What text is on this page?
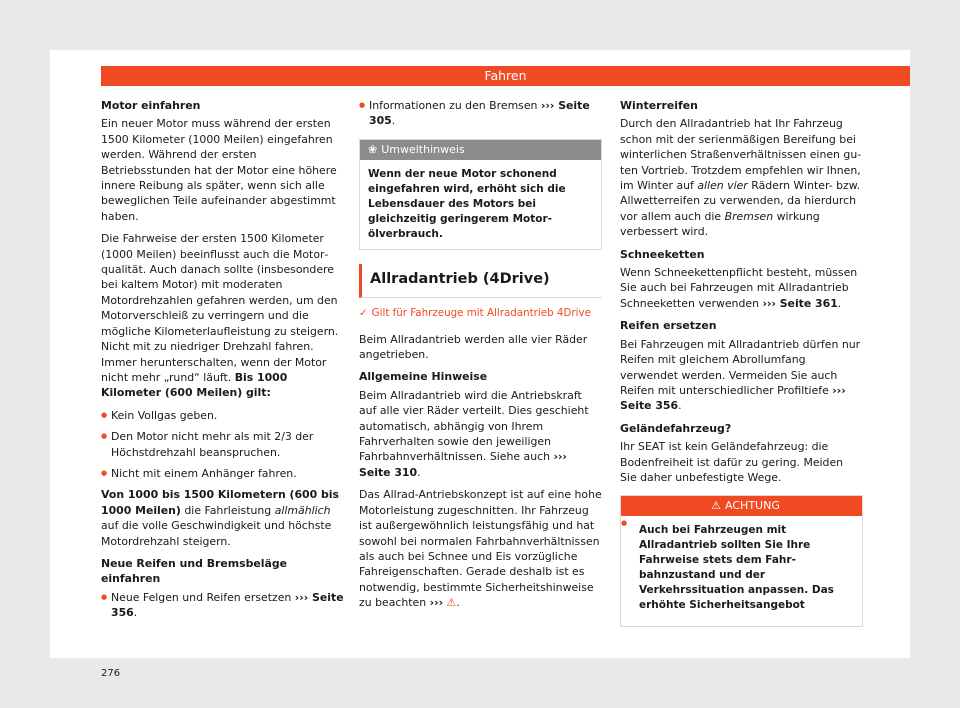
Fahren

Motor einfahren

Ein neuer Motor muss während der ersten 1500 Kilometer (1000 Meilen) eingefahren werden. Während der ersten Betriebsstunden hat der Motor eine höhere innere Reibung als später, wenn sich alle beweglichen Teile aufeinander abgestimmt haben.

Die Fahrweise der ersten 1500 Kilometer (1000 Meilen) beeinflusst auch die Motorqualität. Auch danach sollte (insbesondere bei kaltem Motor) mit moderaten Motordrehzahlen gefahren werden, um den Motorverschleiß zu verringern und die mögliche Kilometerlaufleistung zu steigern. Nicht mit zu niedriger Drehzahl fahren. Immer herunterschalten, wenn der Motor nicht mehr „rund“ läuft. Bis 1000 Kilometer (600 Meilen) gilt:

● Kein Vollgas geben.
● Den Motor nicht mehr als mit 2/3 der Höchstdrehzahl beanspruchen.
● Nicht mit einem Anhänger fahren.

Von 1000 bis 1500 Kilometern (600 bis 1000 Meilen) die Fahrleistung allmählich auf die volle Geschwindigkeit und höchste Motordrehzahl steigern.

Neue Reifen und Bremsbeläge einfahren

● Neue Felgen und Reifen ersetzen ››› Seite 356.
276
● Informationen zu den Bremsen ››› Seite 305.
❀ Umwelthinweis
Wenn der neue Motor schonend eingefahren wird, erhöht sich die Lebensdauer des Motors bei gleichzeitig geringerem Motorölverbrauch.
Allradantrieb (4Drive)
✓ Gilt für Fahrzeuge mit Allradantrieb 4Drive

Beim Allradantrieb werden alle vier Räder angetrieben.

Allgemeine Hinweise

Beim Allradantrieb wird die Antriebskraft auf alle vier Räder verteilt. Dies geschieht automatisch, abhängig von Ihrem Fahrverhalten sowie den jeweiligen Fahrbahnverhältnissen. Siehe auch ››› Seite 310.

Das Allrad-Antriebskonzept ist auf eine hohe Motorleistung zugeschnitten. Ihr Fahrzeug ist außergewöhnlich leistungsfähig und hat sowohl bei normalen Fahrbahnverhältnissen als auch bei Schnee und Eis vorzügliche Fahreigenschaften. Gerade deshalb ist es notwendig, bestimmte Sicherheitshinweise zu beachten ››› ⚠.

Winterreifen

Durch den Allradantrieb hat Ihr Fahrzeug schon mit der serienmäßigen Bereifung bei winterlichen Straßenverhältnissen einen guten Vortrieb. Trotzdem empfehlen wir Ihnen, im Winter auf allen vier Rädern Winter- bzw. Allwetterreifen zu verwenden, da hierdurch vor allem auch die Bremsen wirkung verbessert wird.

Schneeketten

Wenn Schneekettenpflicht besteht, müssen Sie auch bei Fahrzeugen mit Allradantrieb Schneeketten verwenden ››› Seite 361.

Reifen ersetzen

Bei Fahrzeugen mit Allradantrieb dürfen nur Reifen mit gleichem Abrollumfang verwendet werden. Vermeiden Sie auch Reifen mit unterschiedlicher Profiltiefe ››› Seite 356.

Geländefahrzeug?

Ihr SEAT ist kein Geländefahrzeug: die Bodenfreiheit ist dafür zu gering. Meiden Sie daher unbefestigte Wege.

⚠ ACHTUNG
● Auch bei Fahrzeugen mit Allradantrieb sollten Sie Ihre Fahrweise stets dem Fahrbahnzustand und der Verkehrssituation anpassen. Das erhöhte Sicherheitsangebot
